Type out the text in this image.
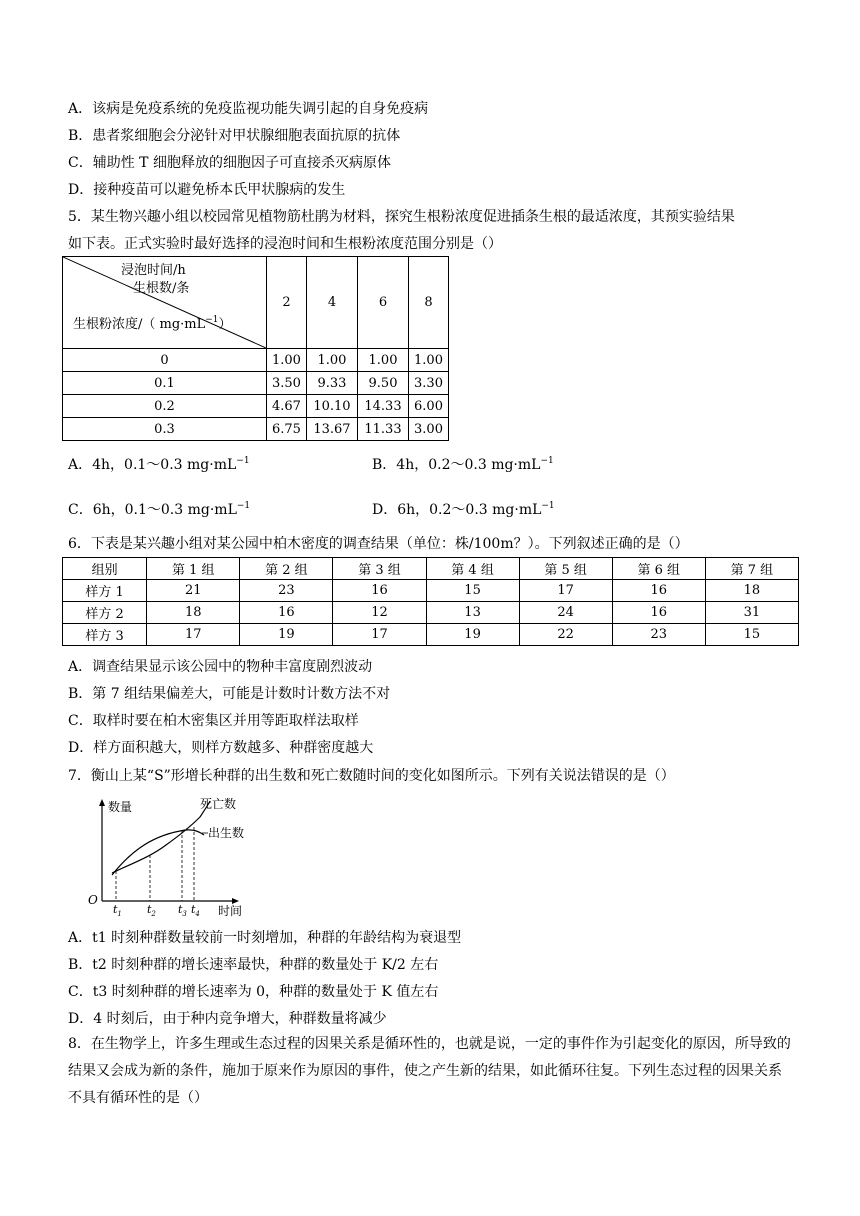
A．该病是免疫系统的免疫监视功能失调引起的自身免疫病
B．患者浆细胞会分泌针对甲状腺细胞表面抗原的抗体
C．辅助性 T 细胞释放的细胞因子可直接杀灭病原体
D．接种疫苗可以避免桥本氏甲状腺病的发生
5．某生物兴趣小组以校园常见植物筋杜鹃为材料，探究生根粉浓度促进插条生根的最适浓度，其预实验结果
如下表。正式实验时最好选择的浸泡时间和生根粉浓度范围分别是（）
浸泡时间/h
生根数/条
生根粉浓度/（ $mg\cdot mL^{-1}$）	2	4	6	8
0	1.00	1.00	1.00	1.00
0.1	3.50	9.33	9.50	3.30
0.2	4.67	10.10	14.33	6.00
0.3	6.75	13.67	11.33	3.00
A．4h，0.1～0.3 $mg\cdot mL^{-1}$	B．4h，0.2～0.3 $mg\cdot mL^{-1}$
C．6h，0.1～0.3 $mg\cdot mL^{-1}$	D．6h，0.2～0.3 $mg\cdot mL^{-1}$
6．下表是某兴趣小组对某公园中柏木密度的调查结果（单位：株/100m？）。下列叙述正确的是（）
组别	第 1 组	第 2 组	第 3 组	第 4 组	第 5 组	第 6 组	第 7 组
样方 1	21	23	16	15	17	16	18
样方 2	18	16	12	13	24	16	31
样方 3	17	19	17	19	22	23	15
A．调查结果显示该公园中的物种丰富度剧烈波动
B．第 7 组结果偏差大，可能是计数时计数方法不对
C．取样时要在柏木密集区并用等距取样法取样
D．样方面积越大，则样方数越多、种群密度越大
7．衡山上某“S”形增长种群的出生数和死亡数随时间的变化如图所示。下列有关说法错误的是（）
数量
时间
O
死亡数
出生数
$t_1$ $t_2$ $t_3$ $t_4$
A．t1 时刻种群数量较前一时刻增加，种群的年龄结构为衰退型
B．t2 时刻种群的增长速率最快，种群的数量处于 K/2 左右
C．t3 时刻种群的增长速率为 0，种群的数量处于 K 值左右
D．4 时刻后，由于种内竞争增大，种群数量将减少
8．在生物学上，许多生理或生态过程的因果关系是循环性的，也就是说，一定的事件作为引起变化的原因，所导致的结果又会成为新的条件，施加于原来作为原因的事件，使之产生新的结果，如此循环往复。下列生态过程的因果关系不具有循环性的是（）
